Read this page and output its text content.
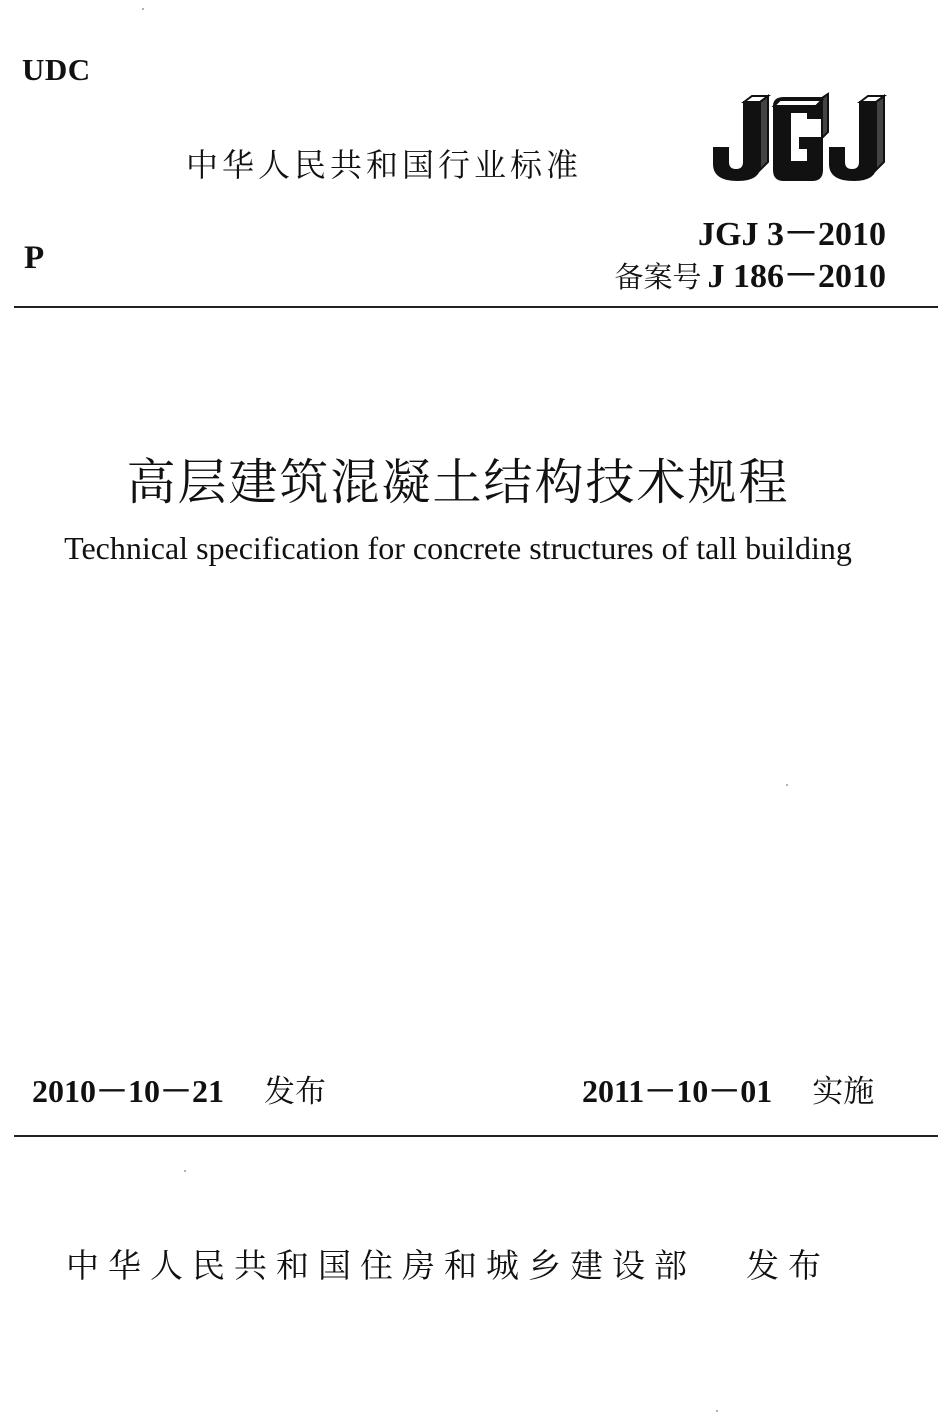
UDC
中华人民共和国行业标准
JGJ 3－2010
P
备案号 J 186－2010
高层建筑混凝土结构技术规程
Technical specification for concrete structures of tall building
2010－10－21 发布	2011－10－01 实施
中华人民共和国住房和城乡建设部 发布
